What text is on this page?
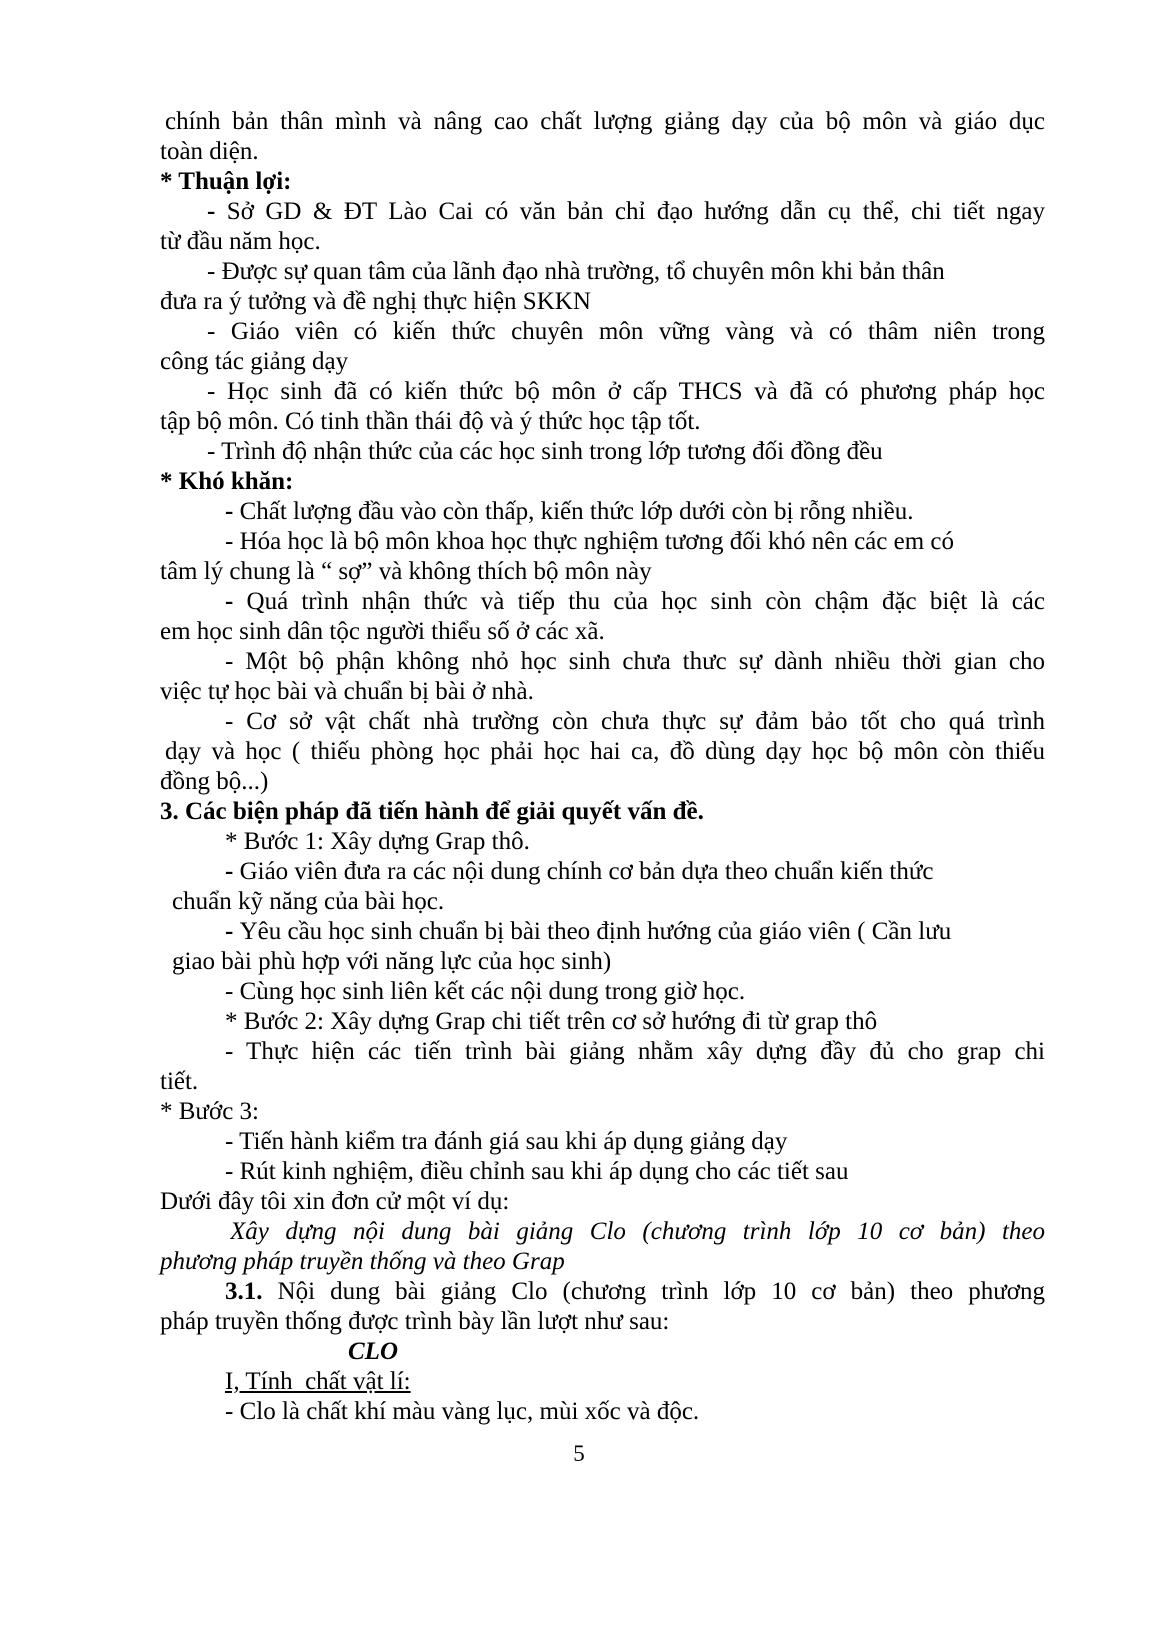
chính bản thân mình và nâng cao chất lượng giảng dạy của bộ môn và giáo dục
toàn diện.
* Thuận lợi:
- Sở GD & ĐT Lào Cai có văn bản chỉ đạo hướng dẫn cụ thể, chi tiết ngay
từ đầu năm học.
- Được sự quan tâm của lãnh đạo nhà trường, tổ chuyên môn khi bản thân
đưa ra ý tưởng và đề nghị thực hiện SKKN
- Giáo viên có kiến thức chuyên môn vững vàng và có thâm niên trong
công tác giảng dạy
- Học sinh đã có kiến thức bộ môn ở cấp THCS và đã có phương pháp học
tập bộ môn. Có tinh thần thái độ và ý thức học tập tốt.
- Trình độ nhận thức của các học sinh trong lớp tương đối đồng đều
* Khó khăn:
- Chất lượng đầu vào còn thấp, kiến thức lớp dưới còn bị rỗng nhiều.
- Hóa học là bộ môn khoa học thực nghiệm tương đối khó nên các em có
tâm lý chung là “ sợ” và không thích bộ môn này
- Quá trình nhận thức và tiếp thu của học sinh còn chậm đặc biệt là các
em học sinh dân tộc người thiểu số ở các xã.
- Một bộ phận không nhỏ học sinh chưa thưc sự dành nhiều thời gian cho
việc tự học bài và chuẩn bị bài ở nhà.
- Cơ sở vật chất nhà trường còn chưa thực sự đảm bảo tốt cho quá trình
dạy và học ( thiếu phòng học phải học hai ca, đồ dùng dạy học bộ môn còn thiếu
đồng bộ...)
3. Các biện pháp đã tiến hành để giải quyết vấn đề.
* Bước 1: Xây dựng Grap thô.
- Giáo viên đưa ra các nội dung chính cơ bản dựa theo chuẩn kiến thức
chuẩn kỹ năng của bài học.
- Yêu cầu học sinh chuẩn bị bài theo định hướng của giáo viên ( Cần lưu
giao bài phù hợp với năng lực của học sinh)
- Cùng học sinh liên kết các nội dung trong giờ học.
* Bước 2: Xây dựng Grap chi tiết trên cơ sở hướng đi từ grap thô
- Thực hiện các tiến trình bài giảng nhằm xây dựng đầy đủ cho grap chi
tiết.
* Bước 3:
- Tiến hành kiểm tra đánh giá sau khi áp dụng giảng dạy
- Rút kinh nghiệm, điều chỉnh sau khi áp dụng cho các tiết sau
Dưới đây tôi xin đơn cử một ví dụ:
Xây dựng nội dung bài giảng Clo (chương trình lớp 10 cơ bản) theo
phương pháp truyền thống và theo Grap
3.1. Nội dung bài giảng Clo (chương trình lớp 10 cơ bản) theo phương
pháp truyền thống được trình bày lần lượt như sau:
CLO
I, Tính  chất vật lí:
- Clo là chất khí màu vàng lục, mùi xốc và độc.
5
